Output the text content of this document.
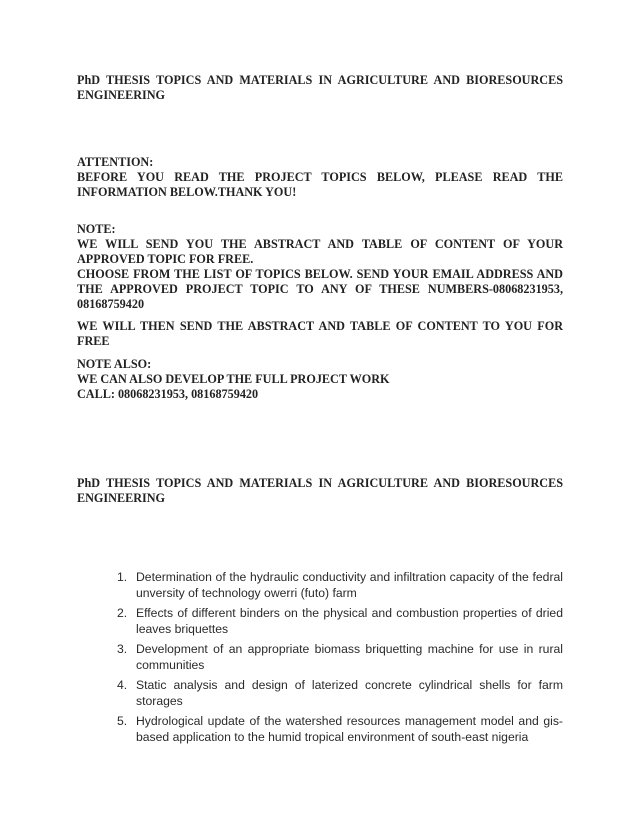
PhD THESIS TOPICS AND MATERIALS IN AGRICULTURE AND BIORESOURCES ENGINEERING

ATTENTION:

BEFORE YOU READ THE PROJECT TOPICS BELOW, PLEASE READ THE INFORMATION BELOW.THANK YOU!

NOTE:

WE WILL SEND YOU THE ABSTRACT AND TABLE OF CONTENT OF YOUR APPROVED TOPIC FOR FREE.

CHOOSE FROM THE LIST OF TOPICS BELOW. SEND YOUR EMAIL ADDRESS AND THE APPROVED PROJECT TOPIC TO ANY OF THESE NUMBERS-08068231953, 08168759420

WE WILL THEN SEND THE ABSTRACT AND TABLE OF CONTENT TO YOU FOR FREE

NOTE ALSO:

WE CAN ALSO DEVELOP THE FULL PROJECT WORK

CALL: 08068231953, 08168759420

PhD THESIS TOPICS AND MATERIALS IN AGRICULTURE AND BIORESOURCES ENGINEERING

1. Determination of the hydraulic conductivity and infiltration capacity of the fedral unversity of technology owerri (futo) farm
2. Effects of different binders on the physical and combustion properties of dried leaves briquettes
3. Development of an appropriate biomass briquetting machine for use in rural communities
4. Static analysis and design of laterized concrete cylindrical shells for farm storages
5. Hydrological update of the watershed resources management model and gis-based application to the humid tropical environment of south-east nigeria
